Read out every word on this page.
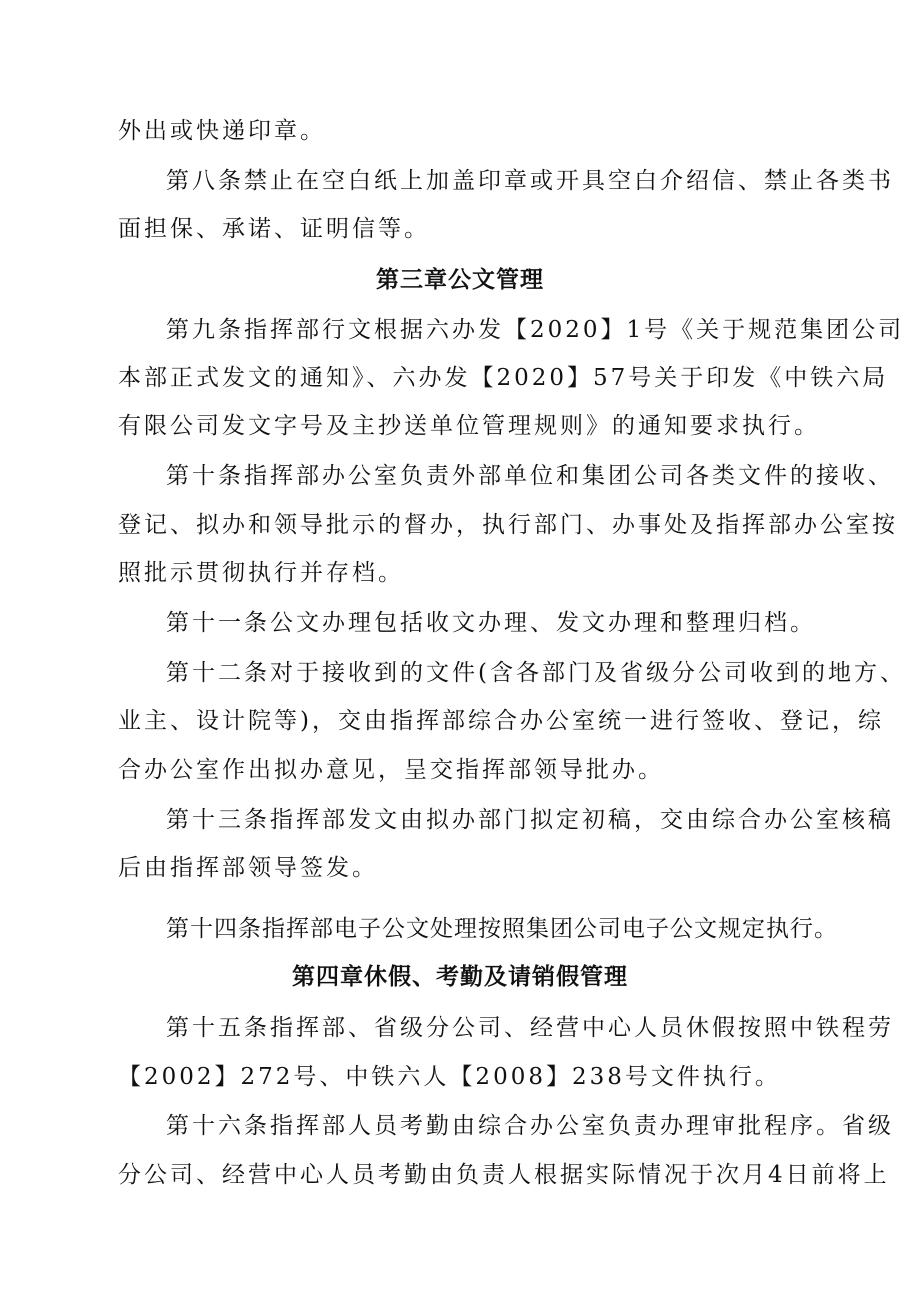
外出或快递印章。
第八条禁止在空白纸上加盖印章或开具空白介绍信、禁止各类书
面担保、承诺、证明信等。
第三章公文管理
第九条指挥部行文根据六办发【2020】1号《关于规范集团公司
本部正式发文的通知》、六办发【2020】57号关于印发《中铁六局
有限公司发文字号及主抄送单位管理规则》的通知要求执行。
第十条指挥部办公室负责外部单位和集团公司各类文件的接收、
登记、拟办和领导批示的督办，执行部门、办事处及指挥部办公室按
照批示贯彻执行并存档。
第十一条公文办理包括收文办理、发文办理和整理归档。
第十二条对于接收到的文件(含各部门及省级分公司收到的地方、
业主、设计院等)，交由指挥部综合办公室统一进行签收、登记，综
合办公室作出拟办意见，呈交指挥部领导批办。
第十三条指挥部发文由拟办部门拟定初稿，交由综合办公室核稿
后由指挥部领导签发。
第十四条指挥部电子公文处理按照集团公司电子公文规定执行。
第四章休假、考勤及请销假管理
第十五条指挥部、省级分公司、经营中心人员休假按照中铁程劳
【2002】272号、中铁六人【2008】238号文件执行。
第十六条指挥部人员考勤由综合办公室负责办理审批程序。省级
分公司、经营中心人员考勤由负责人根据实际情况于次月4日前将上
